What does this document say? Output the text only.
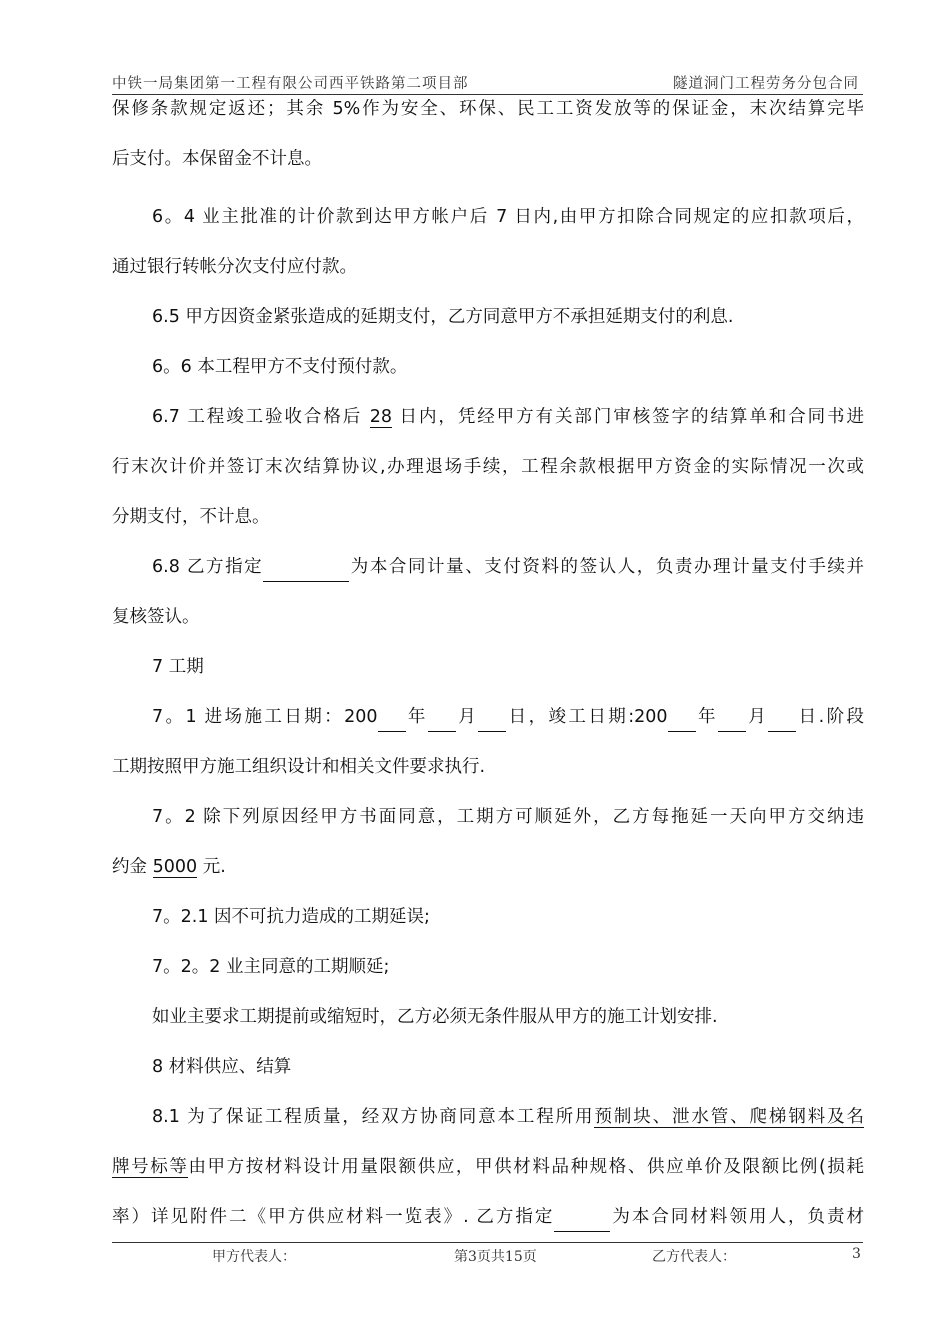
中铁一局集团第一工程有限公司西平铁路第二项目部	隧道洞门工程劳务分包合同
保修条款规定返还；其余 5%作为安全、环保、民工工资发放等的保证金，末次结算完毕
后支付。本保留金不计息。
6。4 业主批准的计价款到达甲方帐户后 7 日内,由甲方扣除合同规定的应扣款项后，
通过银行转帐分次支付应付款。
6.5 甲方因资金紧张造成的延期支付，乙方同意甲方不承担延期支付的利息.
6。6 本工程甲方不支付预付款。
6.7 工程竣工验收合格后 28 日内，凭经甲方有关部门审核签字的结算单和合同书进
行末次计价并签订末次结算协议,办理退场手续，工程余款根据甲方资金的实际情况一次或
分期支付，不计息。
6.8 乙方指定	为本合同计量、支付资料的签认人，负责办理计量支付手续并
复核签认。
7 工期
7。1 进场施工日期：200 年 月 日，竣工日期:200 年 月 日.阶段
工期按照甲方施工组织设计和相关文件要求执行.
7。2 除下列原因经甲方书面同意，工期方可顺延外，乙方每拖延一天向甲方交纳违
约金 5000 元.
7。2.1 因不可抗力造成的工期延误;
7。2。2 业主同意的工期顺延;
如业主要求工期提前或缩短时，乙方必须无条件服从甲方的施工计划安排.
8 材料供应、结算
8.1 为了保证工程质量，经双方协商同意本工程所用预制块、泄水管、爬梯钢料及名
牌号标等由甲方按材料设计用量限额供应，甲供材料品种规格、供应单价及限额比例(损耗
率）详见附件二《甲方供应材料一览表》. 乙方指定	为本合同材料领用人，负责材
甲方代表人：	第3页共15页	乙方代表人：	3
